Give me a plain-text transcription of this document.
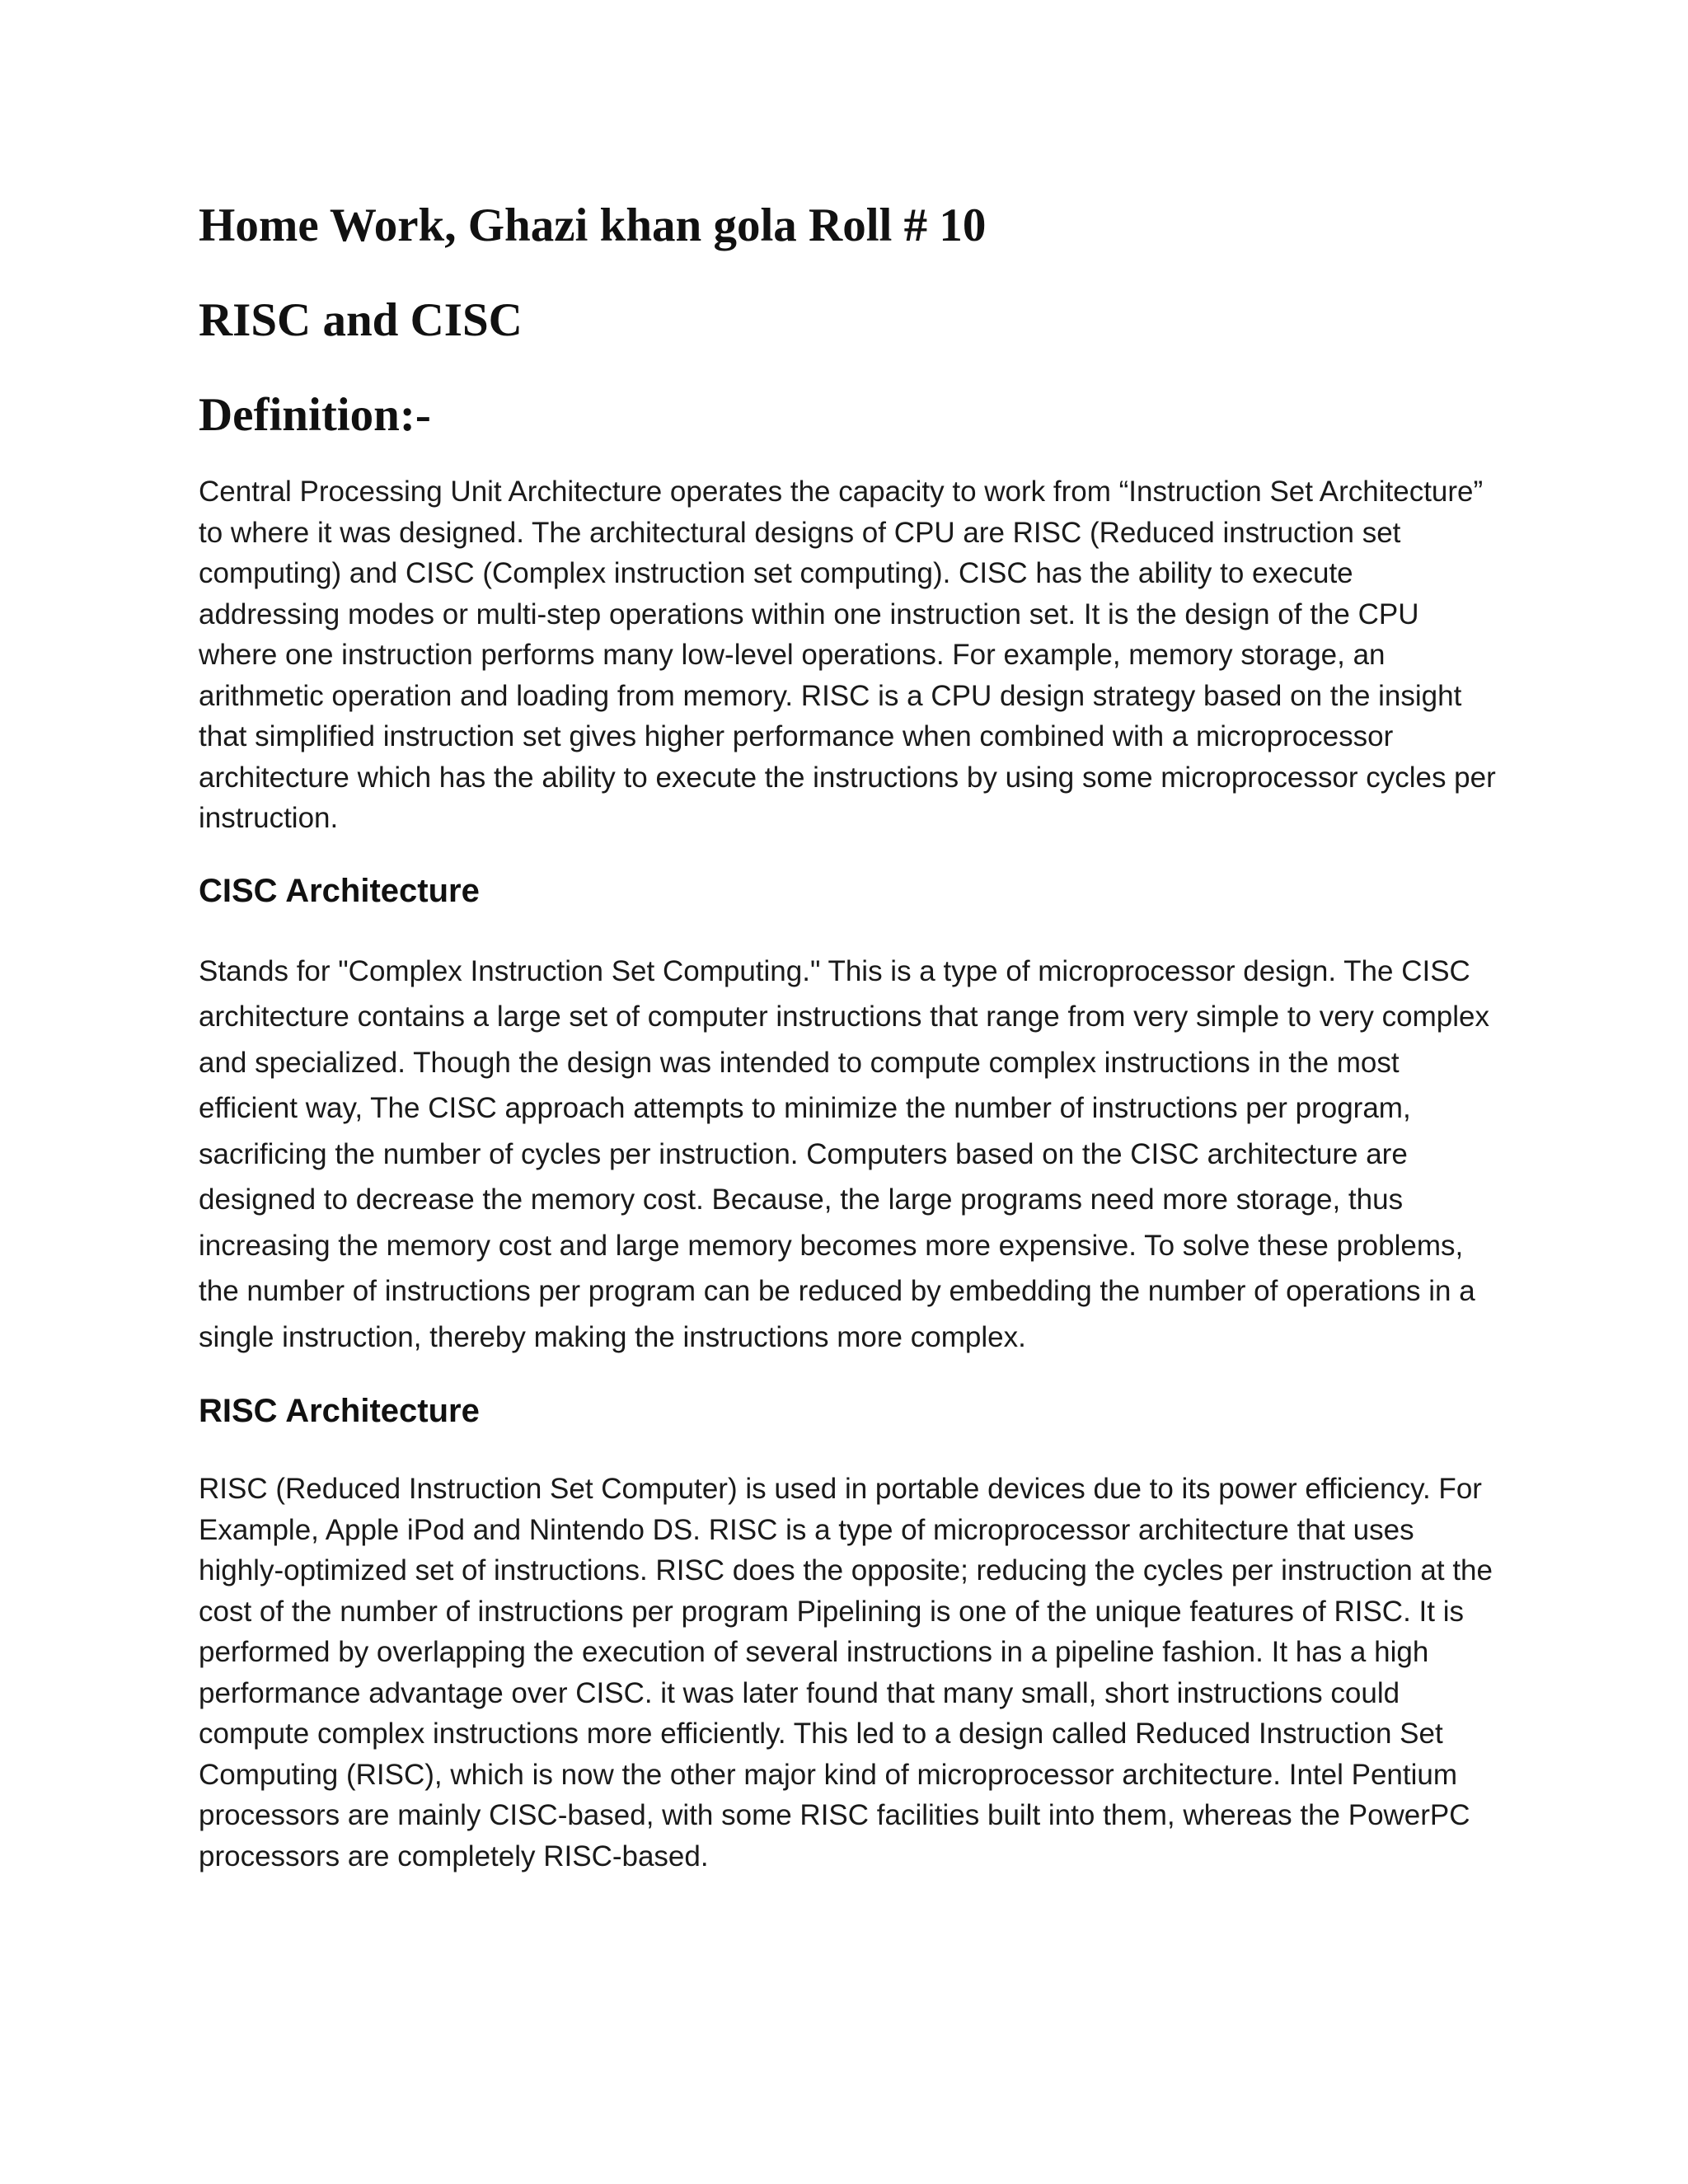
Home Work, Ghazi khan gola Roll # 10
RISC and CISC
Definition:-

Central Processing Unit Architecture operates the capacity to work from “Instruction Set Architecture” to where it was designed. The architectural designs of CPU are RISC (Reduced instruction set computing) and CISC (Complex instruction set computing). CISC has the ability to execute addressing modes or multi-step operations within one instruction set. It is the design of the CPU where one instruction performs many low-level operations. For example, memory storage, an arithmetic operation and loading from memory. RISC is a CPU design strategy based on the insight that simplified instruction set gives higher performance when combined with a microprocessor architecture which has the ability to execute the instructions by using some microprocessor cycles per instruction.

CISC Architecture

Stands for "Complex Instruction Set Computing." This is a type of microprocessor design. The CISC architecture contains a large set of computer instructions that range from very simple to very complex and specialized. Though the design was intended to compute complex instructions in the most efficient way, The CISC approach attempts to minimize the number of instructions per program, sacrificing the number of cycles per instruction. Computers based on the CISC architecture are designed to decrease the memory cost. Because, the large programs need more storage, thus increasing the memory cost and large memory becomes more expensive. To solve these problems, the number of instructions per program can be reduced by embedding the number of operations in a single instruction, thereby making the instructions more complex.

RISC Architecture

RISC (Reduced Instruction Set Computer) is used in portable devices due to its power efficiency. For Example, Apple iPod and Nintendo DS. RISC is a type of microprocessor architecture that uses highly-optimized set of instructions. RISC does the opposite; reducing the cycles per instruction at the cost of the number of instructions per program Pipelining is one of the unique features of RISC. It is performed by overlapping the execution of several instructions in a pipeline fashion. It has a high performance advantage over CISC. it was later found that many small, short instructions could compute complex instructions more efficiently. This led to a design called Reduced Instruction Set Computing (RISC), which is now the other major kind of microprocessor architecture. Intel Pentium processors are mainly CISC-based, with some RISC facilities built into them, whereas the PowerPC processors are completely RISC-based.
